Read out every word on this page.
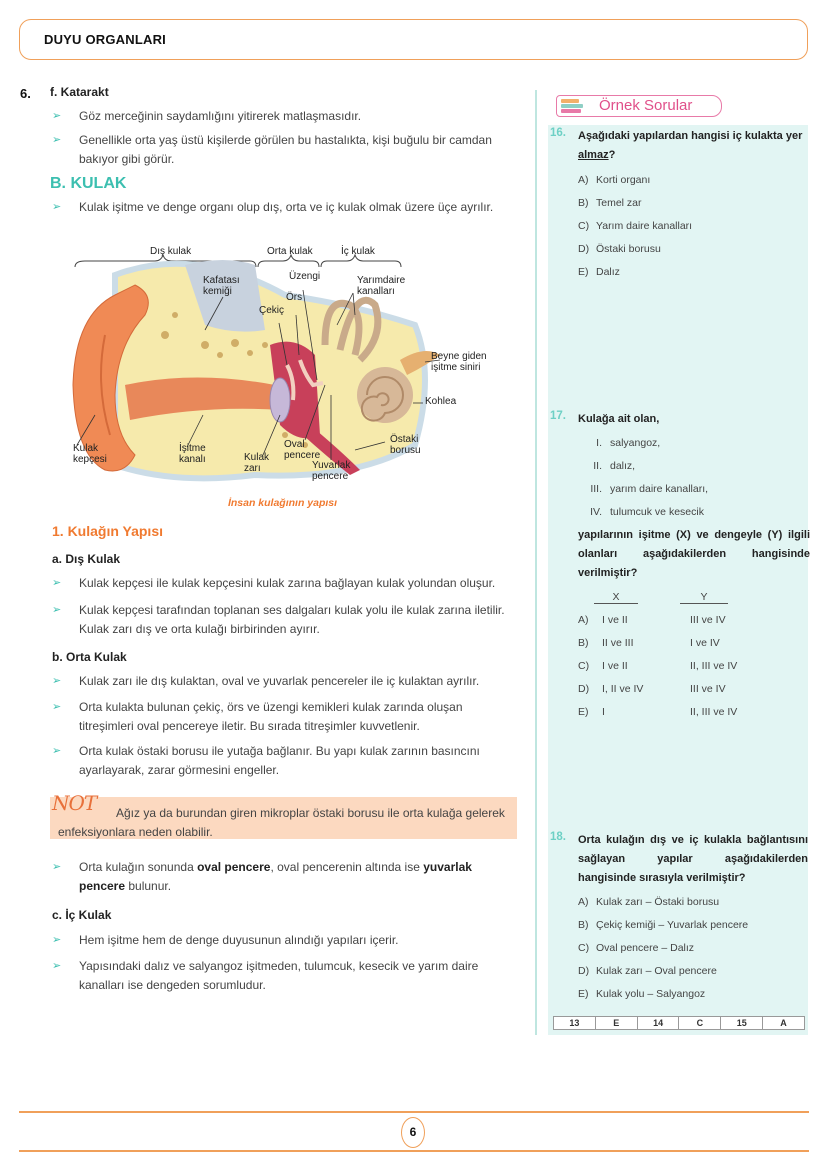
DUYU ORGANLARI
6. f. Katarakt
➢ Göz merceğinin saydamlığını yitirerek matlaşmasıdır.
➢ Genellikle orta yaş üstü kişilerde görülen bu hastalıkta, kişi buğulu bir camdan bakıyor gibi görür.
B. KULAK
➢ Kulak işitme ve denge organı olup dış, orta ve iç kulak olmak üzere üçe ayrılır.
Dış kulak	Orta kulak	İç kulak
Kafatası kemiği
Üzengi	Yarımdaire kanalları
Örs
Çekiç
Beyne giden işitme siniri
Kohlea
Östaki borusu
Kulak kepçesi
İşitme kanalı	Kulak zarı
Oval pencere
Yuvarlak pencere
İnsan kulağının yapısı
1. Kulağın Yapısı
a. Dış Kulak
➢ Kulak kepçesi ile kulak kepçesini kulak zarına bağlayan kulak yolundan oluşur.
➢ Kulak kepçesi tarafından toplanan ses dalgaları kulak yolu ile kulak zarına iletilir. Kulak zarı dış ve orta kulağı birbirinden ayırır.
b. Orta Kulak
➢ Kulak zarı ile dış kulaktan, oval ve yuvarlak pencereler ile iç kulaktan ayrılır.
➢ Orta kulakta bulunan çekiç, örs ve üzengi kemikleri kulak zarında oluşan titreşimleri oval pencereye iletir. Bu sırada titreşimler kuvvetlenir.
➢ Orta kulak östaki borusu ile yutağa bağlanır. Bu yapı kulak zarının basıncını ayarlayarak, zarar görmesini engeller.
NOT	Ağız ya da burundan giren mikroplar östaki borusu ile orta kulağa gelerek enfeksiyonlara neden olabilir.
➢ Orta kulağın sonunda oval pencere, oval pencerenin altında ise yuvarlak pencere bulunur.
c. İç Kulak
➢ Hem işitme hem de denge duyusunun alındığı yapıları içerir.
➢ Yapısındaki dalız ve salyangoz işitmeden, tulumcuk, kesecik ve yarım daire kanalları ise dengeden sorumludur.
Örnek Sorular
16. Aşağıdaki yapılardan hangisi iç kulakta yer almaz?
A) Korti organı
B) Temel zar
C) Yarım daire kanalları
D) Östaki borusu
E) Dalız
17. Kulağa ait olan,
I. salyangoz,
II. dalız,
III. yarım daire kanalları,
IV. tulumcuk ve kesecik
yapılarının işitme (X) ve dengeyle (Y) ilgili olanları aşağıdakilerden hangisinde verilmiştir?
X	Y
A) I ve II	III ve IV
B) II ve III	I ve IV
C) I ve II	II, III ve IV
D) I, II ve IV	III ve IV
E) I	II, III ve IV
18. Orta kulağın dış ve iç kulakla bağlantısını sağlayan yapılar aşağıdakilerden hangisinde sırasıyla verilmiştir?
A) Kulak zarı – Östaki borusu
B) Çekiç kemiği – Yuvarlak pencere
C) Oval pencere – Dalız
D) Kulak zarı – Oval pencere
E) Kulak yolu – Salyangoz
13	E	14	C	15	A
6
